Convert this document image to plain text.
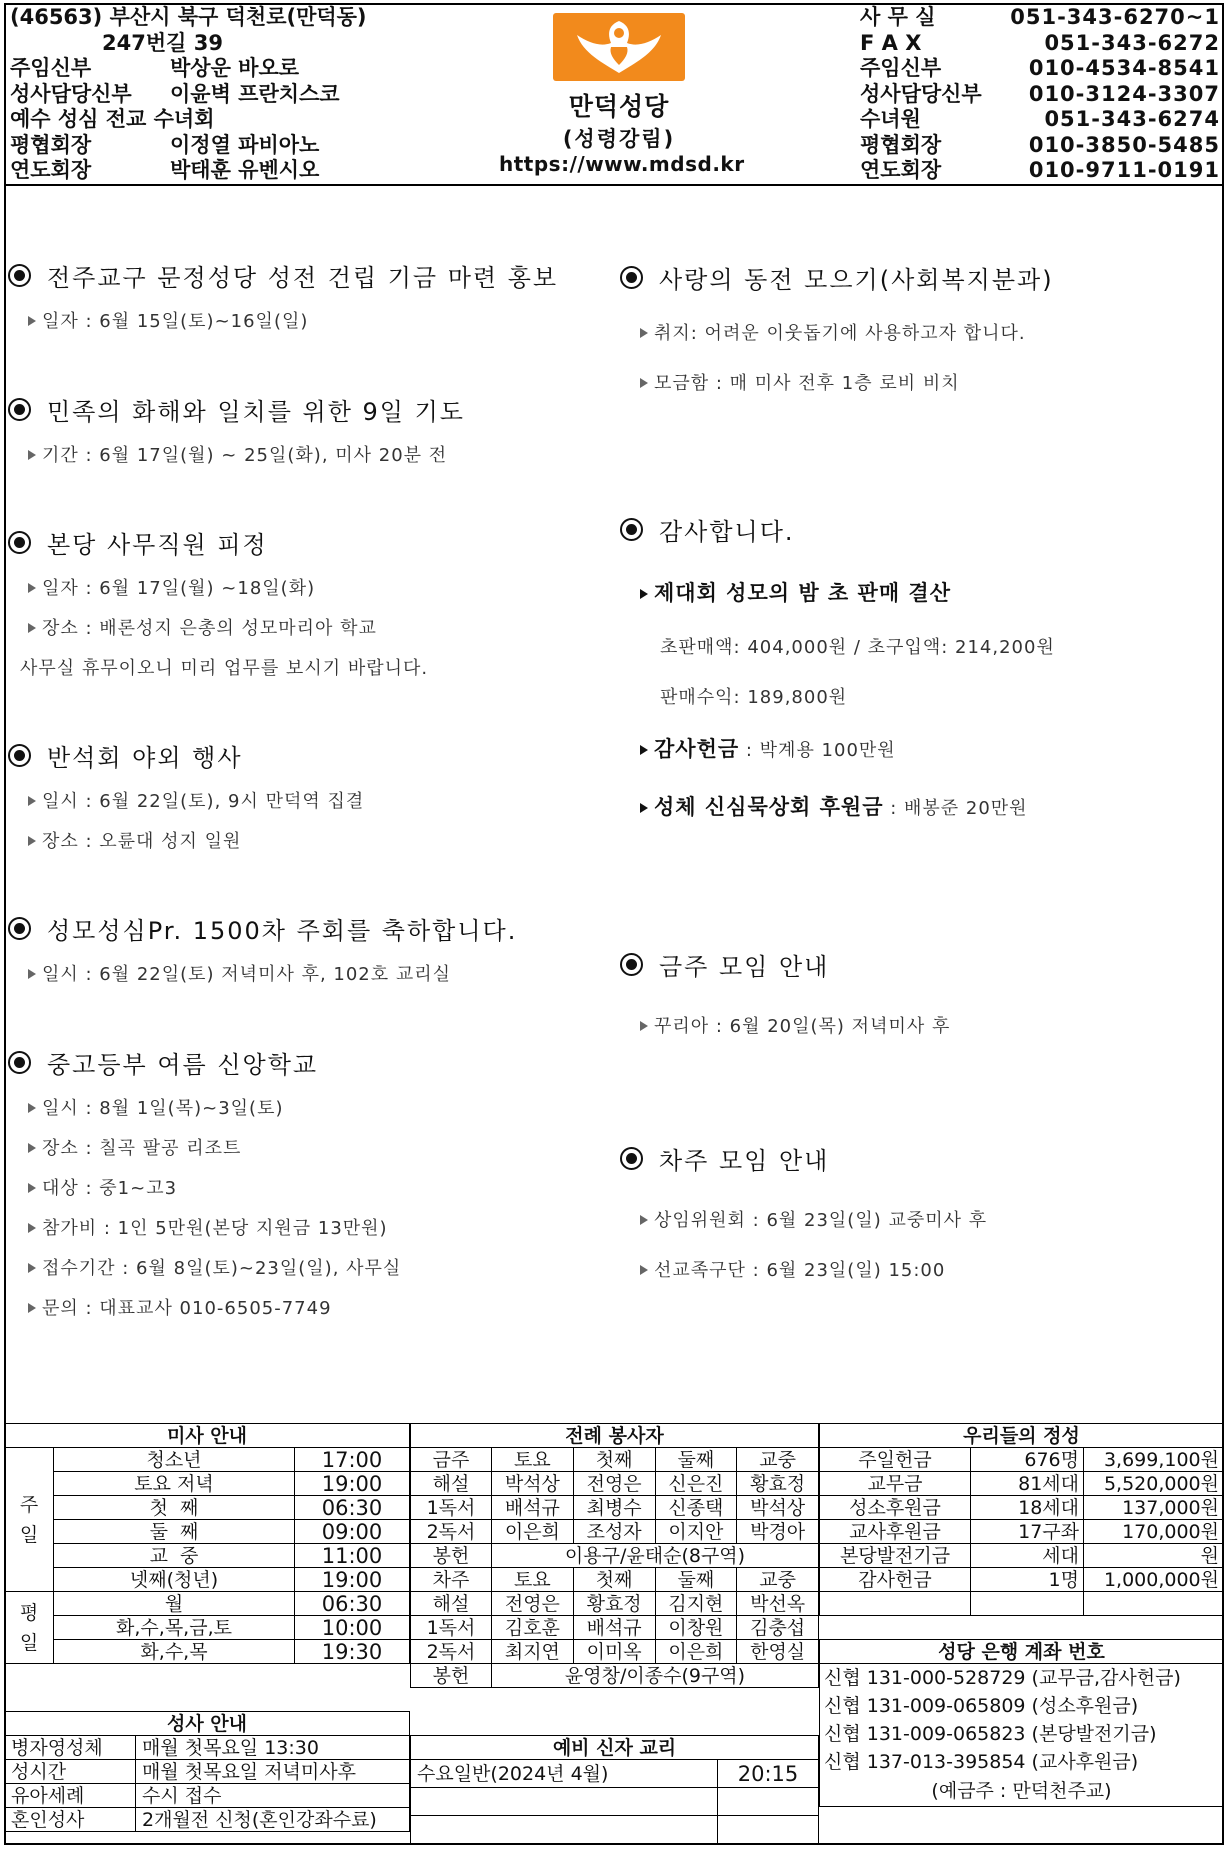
(46563) 부산시 북구 덕천로(만덕동)
247번길 39
주임신부	박상운 바오로
성사담당신부	이윤벽 프란치스코
예수 성심 전교 수녀회
평협회장	이정열 파비아노
연도회장	박태훈 유벤시오
만덕성당
(성령강림)
https://www.mdsd.kr
사 무 실	051-343-6270~1
F A X	051-343-6272
주임신부	010-4534-8541
성사담당신부	010-3124-3307
수녀원	051-343-6274
평협회장	010-3850-5485
연도회장	010-9711-0191
전주교구 문정성당 성전 건립 기금 마련 홍보
일자 : 6월 15일(토)~16일(일)
민족의 화해와 일치를 위한 9일 기도
기간 : 6월 17일(월) ~ 25일(화), 미사 20분 전
본당 사무직원 피정
일자 : 6월 17일(월) ~18일(화)
장소 : 배론성지 은총의 성모마리아 학교
사무실 휴무이오니 미리 업무를 보시기 바랍니다.
반석회 야외 행사
일시 : 6월 22일(토), 9시 만덕역 집결
장소 : 오륜대 성지 일원
성모성심Pr. 1500차 주회를 축하합니다.
일시 : 6월 22일(토) 저녁미사 후, 102호 교리실
중고등부 여름 신앙학교
일시 : 8월 1일(목)~3일(토)
장소 : 칠곡 팔공 리조트
대상 : 중1~고3
참가비 : 1인 5만원(본당 지원금 13만원)
접수기간 : 6월 8일(토)~23일(일), 사무실
문의 : 대표교사 010-6505-7749
사랑의 동전 모으기(사회복지분과)
취지: 어려운 이웃돕기에 사용하고자 합니다.
모금함 : 매 미사 전후 1층 로비 비치
감사합니다.
제대회 성모의 밤 초 판매 결산
초판매액: 404,000원 / 초구입액: 214,200원
판매수익: 189,800원
감사헌금 : 박계용 100만원
성체 신심묵상회 후원금 : 배봉준 20만원
금주 모임 안내
꾸리아 : 6월 20일(목) 저녁미사 후
차주 모임 안내
상임위원회 : 6월 23일(일) 교중미사 후
선교족구단 : 6월 23일(일) 15:00
미사 안내		
주
일	청소년	17:00
	토요 저녁	19:00
	첫  째	06:30
	둘  째	09:00
	교  중	11:00
	넷째(청년)	19:00
평
일	월	06:30
	화,수,목,금,토	10:00
	화,수,목	19:30
성사 안내	
병자영성체	매월 첫목요일 13:30
성시간	매월 첫목요일 저녁미사후
유아세례	수시 접수
혼인성사	2개월전 신청(혼인강좌수료)
전례 봉사자				
금주	토요	첫째	둘째	교중
해설	박석상	전영은	신은진	황효정
1독서	배석규	최병수	신종택	박석상
2독서	이은희	조성자	이지안	박경아
봉헌	이용구/윤태순(8구역)			
차주	토요	첫째	둘째	교중
해설	전영은	황효정	김지현	박선옥
1독서	김호훈	배석규	이창원	김충섭
2독서	최지연	이미옥	이은희	한영실
봉헌	윤영창/이종수(9구역)			
예비 신자 교리	
수요일반(2024년 4월)	20:15

우리들의 정성		
주일헌금	676명	3,699,100원
교무금	81세대	5,520,000원
성소후원금	18세대	137,000원
교사후원금	17구좌	170,000원
본당발전기금	세대	원
감사헌금	1명	1,000,000원

성당 은행 계좌 번호
신협 131-000-528729 (교무금,감사헌금)
신협 131-009-065809 (성소후원금)
신협 131-009-065823 (본당발전기금)
신협 137-013-395854 (교사후원금)
(예금주 : 만덕천주교)
